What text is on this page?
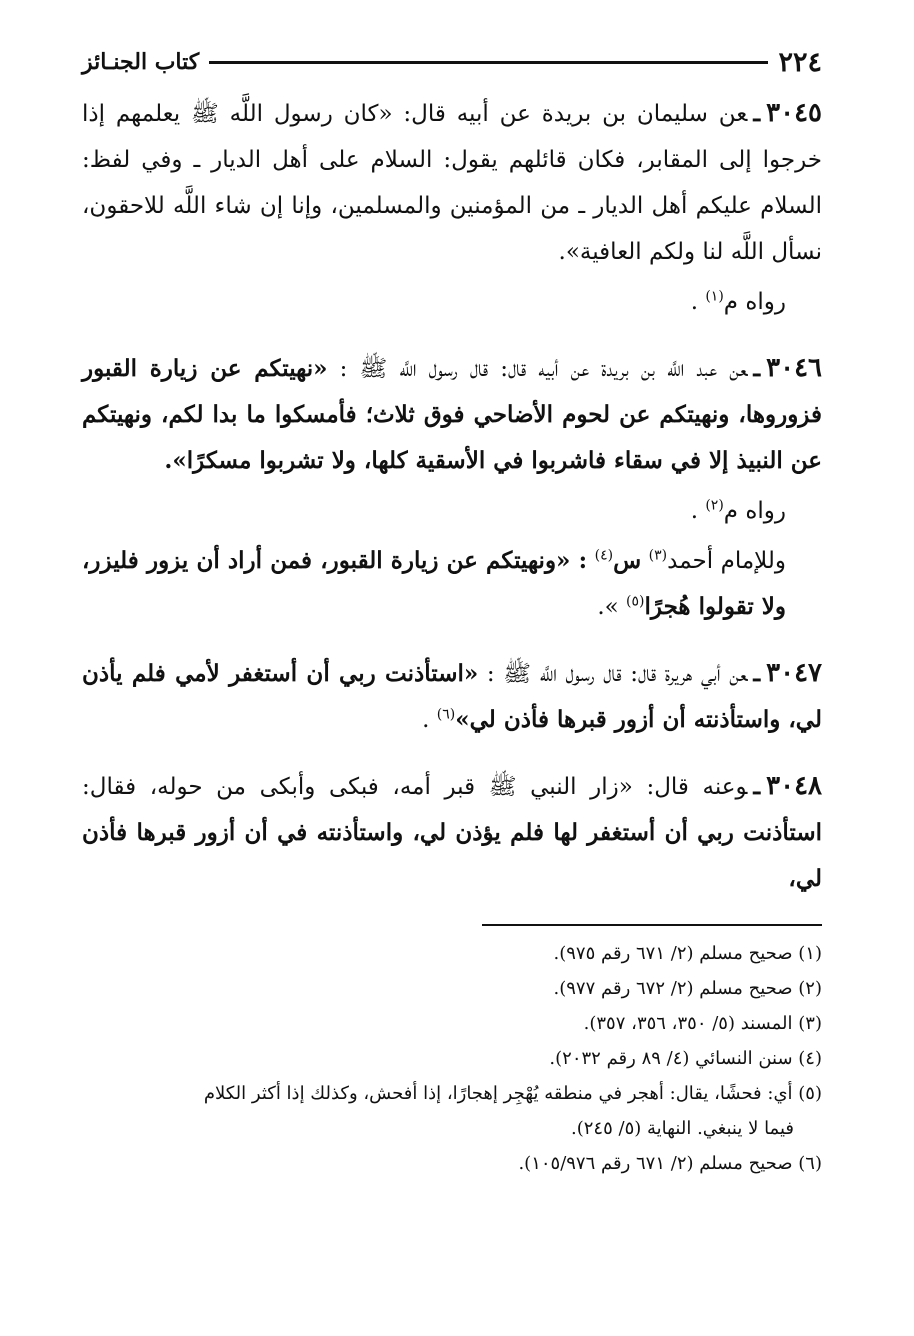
٢٢٤
كتاب الجنـائز

٣٠٤٥ـعن سليمان بن بريدة عن أبيه قال: «كان رسول اللَّه ﷺ يعلمهم إذا خرجوا إلى المقابر، فكان قائلهم يقول: السلام على أهل الديار ـ وفي لفظ: السلام عليكم أهل الديار ـ من المؤمنين والمسلمين، وإنا إن شاء اللَّه للاحقون، نسأل اللَّه لنا ولكم العافية».

رواه م$^{(١)}$ .

٣٠٤٦ـعن عبد اللَّه بن بريدة عن أبيه قال: قال رسول اللَّه ﷺ : «نهيتكم عن زيارة القبور فزوروها، ونهيتكم عن لحوم الأضاحي فوق ثلاث؛ فأمسكوا ما بدا لكم، ونهيتكم عن النبيذ إلا في سقاء فاشربوا في الأسقية كلها، ولا تشربوا مسكرًا».

رواه م$^{(٢)}$ .

وللإمام أحمد$^{(٣)}$ س$^{(٤)}$ : «ونهيتكم عن زيارة القبور، فمن أراد أن يزور فليزر، ولا تقولوا هُجرًا$^{(٥)}$ ».

٣٠٤٧ـعن أبي هريرة قال: قال رسول اللَّه ﷺ : «استأذنت ربي أن أستغفر لأمي فلم يأذن لي، واستأذنته أن أزور قبرها فأذن لي»$^{(٦)}$ .

٣٠٤٨ـوعنه قال: «زار النبي ﷺ قبر أمه، فبكى وأبكى من حوله، فقال: استأذنت ربي أن أستغفر لها فلم يؤذن لي، واستأذنته في أن أزور قبرها فأذن لي،

(١) صحيح مسلم (٢/ ٦٧١ رقم ٩٧٥).

(٢) صحيح مسلم (٢/ ٦٧٢ رقم ٩٧٧).

(٣) المسند (٥/ ٣٥٠، ٣٥٦، ٣٥٧).

(٤) سنن النسائي (٤/ ٨٩ رقم ٢٠٣٢).

(٥) أي: فحشًا، يقال: أهجر في منطقه يُهْجِر إهجارًا، إذا أفحش، وكذلك إذا أكثر الكلام

فيما لا ينبغي. النهاية (٥/ ٢٤٥).

(٦) صحيح مسلم (٢/ ٦٧١ رقم ١٠٥/٩٧٦).
